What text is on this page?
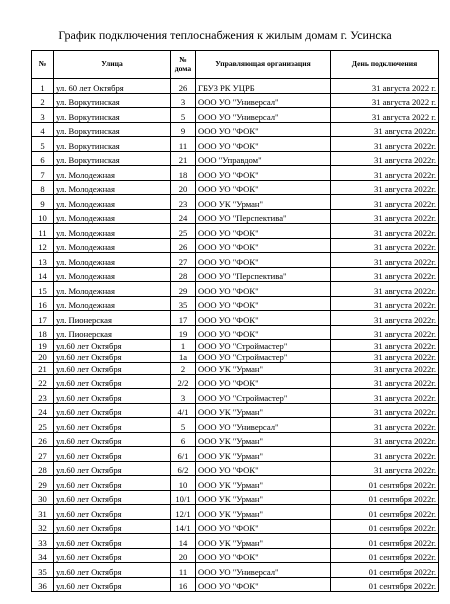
График подключения теплоснабжения к жилым домам г. Усинска
№	Улица	№ дома	Управляющая организация	День подключения
1	ул. 60 лет Октября	26	ГБУЗ РК УЦРБ	31 августа 2022 г.
2	ул. Воркутинская	3	ООО УО "Универсал"	31 августа 2022 г.
3	ул. Воркутинская	5	ООО УО "Универсал"	31 августа 2022 г.
4	ул. Воркутинская	9	ООО УО "ФОК"	31 августа 2022г.
5	ул. Воркутинская	11	ООО УО "ФОК"	31 августа 2022г.
6	ул. Воркутинская	21	ООО "Управдом"	31 августа 2022г.
7	ул. Молодежная	18	ООО УО "ФОК"	31 августа 2022г.
8	ул. Молодежная	20	ООО УО "ФОК"	31 августа 2022г.
9	ул. Молодежная	23	ООО УК "Урман"	31 августа 2022г.
10	ул. Молодежная	24	ООО УО "Перспектива"	31 августа 2022г.
11	ул. Молодежная	25	ООО УО "ФОК"	31 августа 2022г.
12	ул. Молодежная	26	ООО УО "ФОК"	31 августа 2022г.
13	ул. Молодежная	27	ООО УО "ФОК"	31 августа 2022г.
14	ул. Молодежная	28	ООО УО "Перспектива"	31 августа 2022г.
15	ул. Молодежная	29	ООО УО "ФОК"	31 августа 2022г.
16	ул. Молодежная	35	ООО УО "ФОК"	31 августа 2022г.
17	ул. Пионерская	17	ООО УО "ФОК"	31 августа 2022г.
18	ул. Пионерская	19	ООО УО "ФОК"	31 августа 2022г.
19	ул.60 лет Октября	1	ООО УО "Строймастер"	31 августа 2022г.
20	ул.60 лет Октября	1а	ООО УО "Строймастер"	31 августа 2022г.
21	ул.60 лет Октября	2	ООО УК "Урман"	31 августа 2022г.
22	ул.60 лет Октября	2/2	ООО УО "ФОК"	31 августа 2022г.
23	ул.60 лет Октября	3	ООО УО "Строймастер"	31 августа 2022г.
24	ул.60 лет Октября	4/1	ООО УК "Урман"	31 августа 2022г.
25	ул.60 лет Октября	5	ООО УО "Универсал"	31 августа 2022г.
26	ул.60 лет Октября	6	ООО УК "Урман"	31 августа 2022г.
27	ул.60 лет Октября	6/1	ООО УК "Урман"	31 августа 2022г.
28	ул.60 лет Октября	6/2	ООО УО "ФОК"	31 августа 2022г.
29	ул.60 лет Октября	10	ООО УК "Урман"	01 сентября 2022г.
30	ул.60 лет Октября	10/1	ООО УК "Урман"	01 сентября 2022г.
31	ул.60 лет Октября	12/1	ООО УК "Урман"	01 сентября 2022г.
32	ул.60 лет Октября	14/1	ООО УО "ФОК"	01 сентября 2022г.
33	ул.60 лет Октября	14	ООО УК "Урман"	01 сентября 2022г.
34	ул.60 лет Октября	20	ООО УО "ФОК"	01 сентября 2022г.
35	ул.60 лет Октября	11	ООО УО "Универсал"	01 сентября 2022г.
36	ул.60 лет Октября	16	ООО УО "ФОК"	01 сентября 2022г.
